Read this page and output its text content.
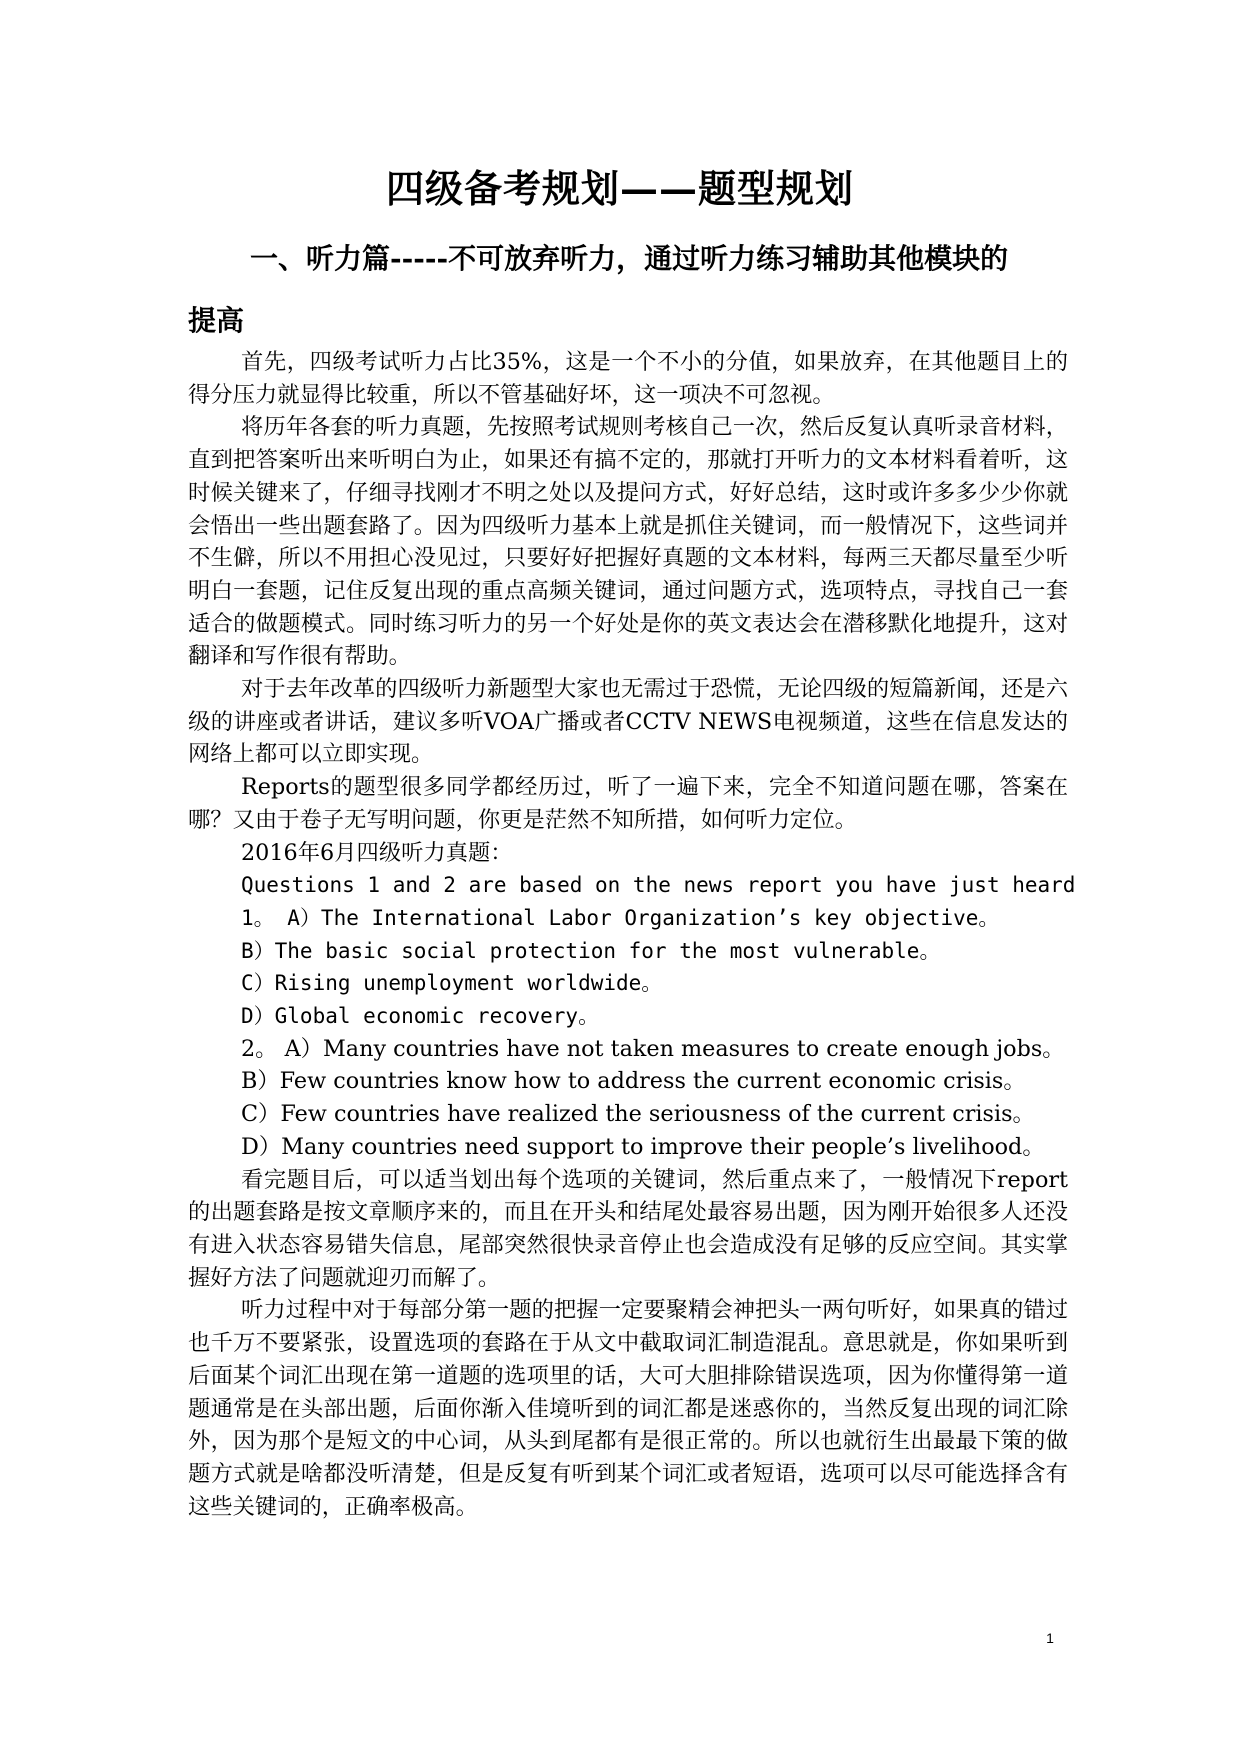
四级备考规划——题型规划
一、听力篇-----不可放弃听力，通过听力练习辅助其他模块的
提高

首先，四级考试听力占比35%，这是一个不小的分值，如果放弃，在其他题目上的得分压力就显得比较重，所以不管基础好坏，这一项决不可忽视。

将历年各套的听力真题，先按照考试规则考核自己一次，然后反复认真听录音材料，直到把答案听出来听明白为止，如果还有搞不定的，那就打开听力的文本材料看着听，这时候关键来了，仔细寻找刚才不明之处以及提问方式，好好总结，这时或许多多少少你就会悟出一些出题套路了。因为四级听力基本上就是抓住关键词，而一般情况下，这些词并不生僻，所以不用担心没见过，只要好好把握好真题的文本材料，每两三天都尽量至少听明白一套题，记住反复出现的重点高频关键词，通过问题方式，选项特点，寻找自己一套适合的做题模式。同时练习听力的另一个好处是你的英文表达会在潜移默化地提升，这对翻译和写作很有帮助。

对于去年改革的四级听力新题型大家也无需过于恐慌，无论四级的短篇新闻，还是六级的讲座或者讲话，建议多听VOA广播或者CCTV NEWS电视频道，这些在信息发达的网络上都可以立即实现。

Reports的题型很多同学都经历过，听了一遍下来，完全不知道问题在哪，答案在哪？又由于卷子无写明问题，你更是茫然不知所措，如何听力定位。

2016年6月四级听力真题：

Questions 1 and 2 are based on the news report you have just heard

1。 A）The International Labor Organization’s key objective。

B）The basic social protection for the most vulnerable。

C）Rising unemployment worldwide。

D）Global economic recovery。

2。 A）Many countries have not taken measures to create enough jobs。

B）Few countries know how to address the current economic crisis。

C）Few countries have realized the seriousness of the current crisis。

D）Many countries need support to improve their people’s livelihood。

看完题目后，可以适当划出每个选项的关键词，然后重点来了，一般情况下report的出题套路是按文章顺序来的，而且在开头和结尾处最容易出题，因为刚开始很多人还没有进入状态容易错失信息，尾部突然很快录音停止也会造成没有足够的反应空间。其实掌握好方法了问题就迎刃而解了。

听力过程中对于每部分第一题的把握一定要聚精会神把头一两句听好，如果真的错过也千万不要紧张，设置选项的套路在于从文中截取词汇制造混乱。意思就是，你如果听到后面某个词汇出现在第一道题的选项里的话，大可大胆排除错误选项，因为你懂得第一道题通常是在头部出题，后面你渐入佳境听到的词汇都是迷惑你的，当然反复出现的词汇除外，因为那个是短文的中心词，从头到尾都有是很正常的。所以也就衍生出最最下策的做题方式就是啥都没听清楚，但是反复有听到某个词汇或者短语，选项可以尽可能选择含有这些关键词的，正确率极高。

1
